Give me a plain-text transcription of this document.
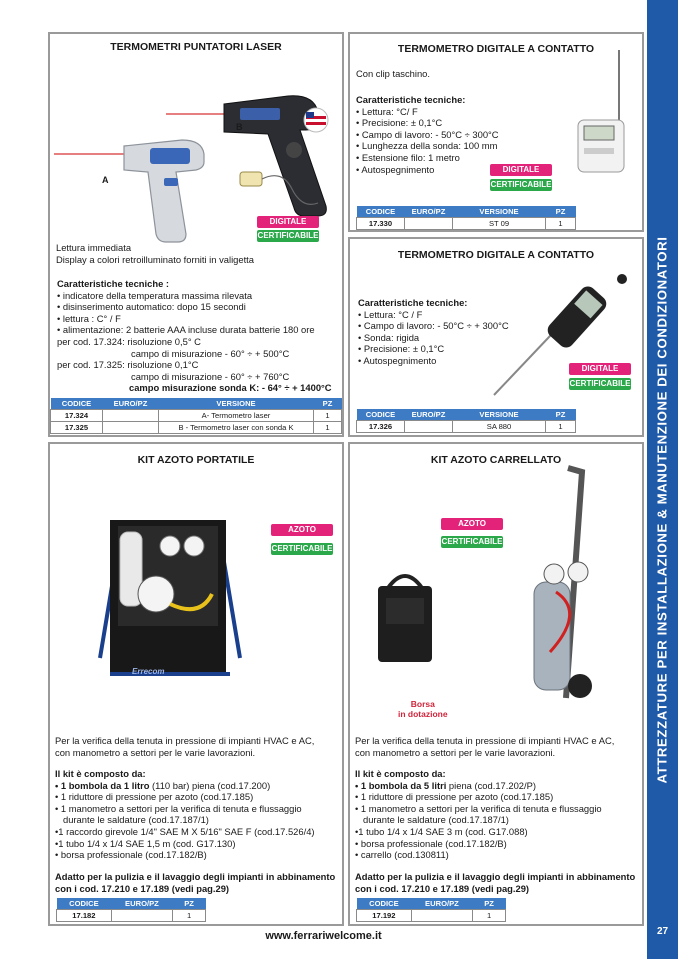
ATTREZZATURE PER INSTALLAZIONE & MANUTENZIONE DEI CONDIZIONATORI
27
TERMOMETRI PUNTATORI LASER
A
B
DIGITALE
CERTIFICABILE
Lettura immediata
Display a colori retroilluminato forniti in valigetta
Caratteristiche tecniche :
• indicatore della temperatura massima rilevata
• disinserimento automatico: dopo 15 secondi
• lettura : C° / F
• alimentazione: 2 batterie AAA incluse durata batterie 180 ore
per cod. 17.324: risoluzione 0,5° C
campo di misurazione - 60° ÷ + 500°C
per cod. 17.325: risoluzione 0,1°C
campo di misurazione - 60° ÷ + 760°C
campo misurazione sonda K: - 64° ÷ + 1400°C
CODICE	EURO/PZ	VERSIONE	PZ
17.324		A- Termometro laser	1
17.325		B - Termometro laser con sonda K	1
TERMOMETRO DIGITALE A CONTATTO
Con clip taschino.
Caratteristiche tecniche:
• Lettura: °C/ F
• Precisione: ± 0,1°C
• Campo di lavoro: - 50°C ÷ 300°C
• Lunghezza della sonda: 100 mm
• Estensione filo: 1 metro
• Autospegnimento	DIGITALE
CERTIFICABILE
CODICE	EURO/PZ	VERSIONE	PZ
17.330		ST 09	1
TERMOMETRO DIGITALE A CONTATTO
Caratteristiche tecniche:
• Lettura: °C / F
• Campo di lavoro: - 50°C ÷ + 300°C
• Sonda: rigida
• Precisione: ± 0,1°C
• Autospegnimento
DIGITALE
CERTIFICABILE
CODICE	EURO/PZ	VERSIONE	PZ
17.326		SA 880	1
KIT AZOTO PORTATILE
Errecom
AZOTO
CERTIFICABILE
Per la verifica della tenuta in pressione di impianti HVAC e AC,
con manometro a settori per le varie lavorazioni.
Il kit è composto da:
• 1 bombola da 1 litro (110 bar) piena (cod.17.200)
• 1 riduttore di pressione per azoto (cod.17.185)
• 1 manometro a settori per la verifica di tenuta e flussaggio
durante le saldature (cod.17.187/1)
•1 raccordo girevole 1/4" SAE M X 5/16" SAE F (cod.17.526/4)
•1 tubo 1/4 x 1/4 SAE 1,5 m (cod. G17.130)
• borsa professionale (cod.17.182/B)
Adatto per la pulizia e il lavaggio degli impianti in abbinamento
con i cod. 17.210 e 17.189 (vedi pag.29)
CODICE	EURO/PZ	PZ
17.182		1
KIT AZOTO CARRELLATO
Borsa
in dotazione
AZOTO
CERTIFICABILE
Per la verifica della tenuta in pressione di impianti HVAC e AC,
con manometro a settori per le varie lavorazioni.
Il kit è composto da:
• 1 bombola da 5 litri piena (cod.17.202/P)
• 1 riduttore di pressione per azoto (cod.17.185)
• 1 manometro a settori per la verifica di tenuta e flussaggio
durante le saldature (cod.17.187/1)
•1 tubo 1/4 x 1/4 SAE 3 m (cod. G17.088)
• borsa professionale (cod.17.182/B)
• carrello (cod.130811)
Adatto per la pulizia e il lavaggio degli impianti in abbinamento
con i cod. 17.210 e 17.189 (vedi pag.29)
CODICE	EURO/PZ	PZ
17.192		1
www.ferrariwelcome.it
